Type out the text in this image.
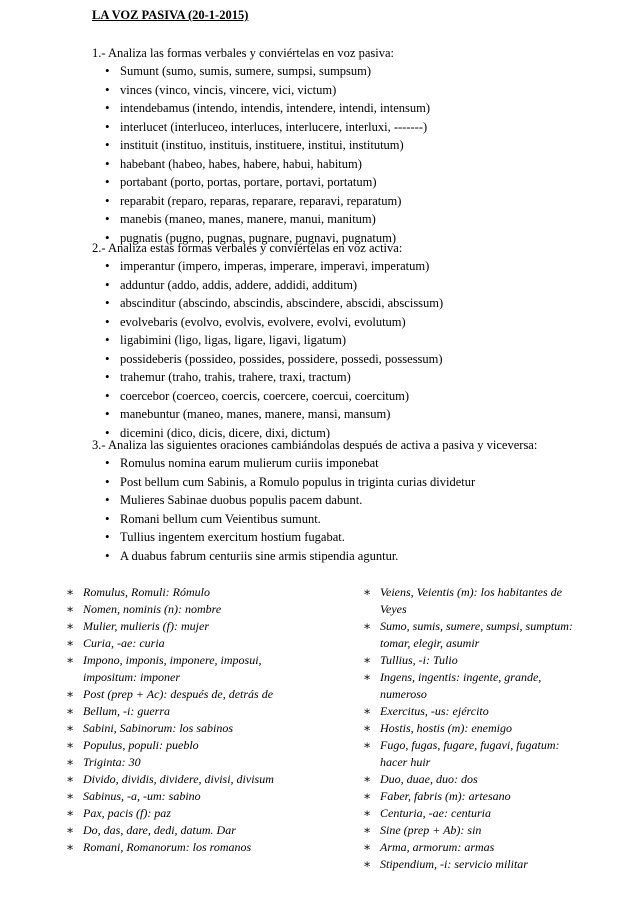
LA VOZ PASIVA (20-1-2015)
1.- Analiza las formas verbales y conviértelas en voz pasiva:
• Sumunt (sumo, sumis, sumere, sumpsi, sumpsum)
• vinces (vinco, vincis, vincere, vici, victum)
• intendebamus (intendo, intendis, intendere, intendi, intensum)
• interlucet (interluceo, interluces, interlucere, interluxi, -------)
• instituit (instituo, instituis, instituere, institui, institutum)
• habebant (habeo, habes, habere, habui, habitum)
• portabant (porto, portas, portare, portavi, portatum)
• reparabit (reparo, reparas, reparare, reparavi, reparatum)
• manebis (maneo, manes, manere, manui, manitum)
• pugnatis (pugno, pugnas, pugnare, pugnavi, pugnatum)
2.- Analiza estas formas verbales y conviértelas en voz activa:
• imperantur (impero, imperas, imperare, imperavi, imperatum)
• adduntur (addo, addis, addere, addidi, additum)
• abscinditur (abscindo, abscindis, abscindere, abscidi, abscissum)
• evolvebaris (evolvo, evolvis, evolvere, evolvi, evolutum)
• ligabimini (ligo, ligas, ligare, ligavi, ligatum)
• possideberis (possideo, possides, possidere, possedi, possessum)
• trahemur (traho, trahis, trahere, traxi, tractum)
• coercebor (coerceo, coercis, coercere, coercui, coercitum)
• manebuntur (maneo, manes, manere, mansi, mansum)
• dicemini (dico, dicis, dicere, dixi, dictum)
3.- Analiza las siguientes oraciones cambiándolas después de activa a pasiva y viceversa:
• Romulus nomina earum mulierum curiis imponebat
• Post bellum cum Sabinis, a Romulo populus in triginta curias dividetur
• Mulieres Sabinae duobus populis pacem dabunt.
• Romani bellum cum Veientibus sumunt.
• Tullius ingentem exercitum hostium fugabat.
• A duabus fabrum centuriis sine armis stipendia aguntur.
∗ Romulus, Romuli: Rómulo
∗ Nomen, nominis (n): nombre
∗ Mulier, mulieris (f): mujer
∗ Curia, -ae: curia
∗ Impono, imponis, imponere, imposui,
impositum: imponer
∗ Post (prep + Ac): después de, detrás de
∗ Bellum, -i: guerra
∗ Sabini, Sabinorum: los sabinos
∗ Populus, populi: pueblo
∗ Triginta: 30
∗ Divido, dividis, dividere, divisi, divisum
∗ Sabinus, -a, -um: sabino
∗ Pax, pacis (f): paz
∗ Do, das, dare, dedi, datum. Dar
∗ Romani, Romanorum: los romanos
∗ Veiens, Veientis (m): los habitantes de
Veyes
∗ Sumo, sumis, sumere, sumpsi, sumptum:
tomar, elegir, asumir
∗ Tullius, -i: Tulio
∗ Ingens, ingentis: ingente, grande,
numeroso
∗ Exercitus, -us: ejército
∗ Hostis, hostis (m): enemigo
∗ Fugo, fugas, fugare, fugavi, fugatum:
hacer huir
∗ Duo, duae, duo: dos
∗ Faber, fabris (m): artesano
∗ Centuria, -ae: centuria
∗ Sine (prep + Ab): sin
∗ Arma, armorum: armas
∗ Stipendium, -i: servicio militar
